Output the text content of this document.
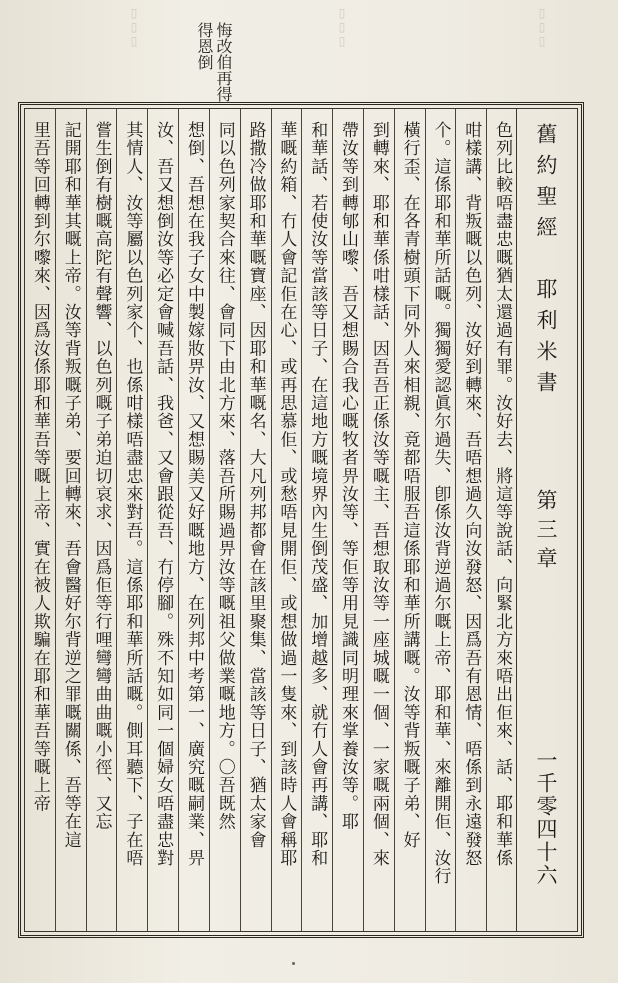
▯▯▯	▯▯▯	▯▯▯
悔改㑑再得
得恩倒
舊約聖經　耶利米書
第三章
一千零四十六
色列比較唔盡忠嘅猶太還過有罪。汝好去、將這等說話、向緊北方來唔出佢來、話、耶和華係
咁樣講、背叛嘅以色列、汝好到轉來、吾唔想過久向汝發怒、因爲吾有恩情、唔係到永遠發怒
个。這係耶和華所話嘅。獨獨愛認眞尔過失、卽係汝背逆過尔嘅上帝、耶和華、來離開佢、汝行
橫行歪、在各青樹頭下同外人來相親、竟都唔服吾這係耶和華所講嘅。汝等背叛嘅子弟、好
到轉來、耶和華係咁樣話、因吾吾正係汝等嘅主、吾想取汝等一座城嘅一個、一家嘅兩個、來
帶汝等到轉郇山嚟、吾又想賜合我心嘅牧者畀汝等、等佢等用見識同明理來掌養汝等。耶
和華話、若使汝等當該等日子、在這地方嘅境界內生倒茂盛、加增越多、就冇人會再講、耶和
華嘅約箱、冇人會記佢在心、或再思慕佢、或愁唔見開佢、或想做過一隻來、到該時人會稱耶
路撒冷做耶和華嘅寶座、因耶和華嘅名、大凡列邦都會在該里聚集、當該等日子、猶太家會
同以色列家契合來往、會同下由北方來、落吾所賜過畀汝等嘅祖父做業嘅地方。〇吾既然
想倒、吾想在我子女中製嫁妝畀汝、又想賜美又好嘅地方、在列邦中考第一、廣究嘅嗣業、畀
汝、吾又想倒汝等必定會喊吾話、我爸、又會跟從吾、冇停腳。殊不知如同一個婦女唔盡忠對
其情人、汝等屬以色列家个、也係咁樣唔盡忠來對吾。這係耶和華所話嘅。側耳聽下、子在唔
嘗生倒有樹嘅高陀有聲響、以色列嘅子弟迫切哀求、因爲佢等行哩彎彎曲曲嘅小徑、又忘
記開耶和華其嘅上帝。汝等背叛嘅子弟、要回轉來、吾會醫好尔背逆之罪嘅關係、吾等在這
里吾等回轉到尔嚟來、因爲汝係耶和華吾等嘅上帝、實在被人欺騙在耶和華吾等嘅上帝
